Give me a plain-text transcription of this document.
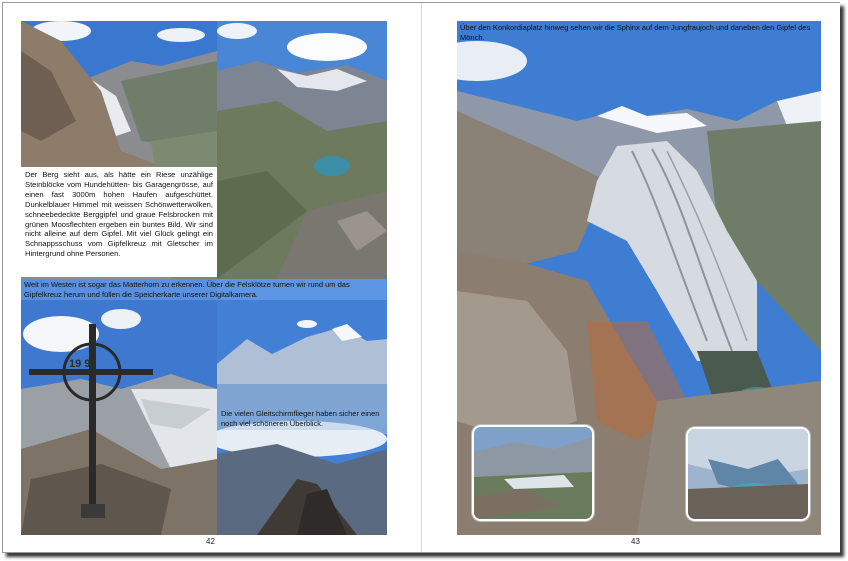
Der Berg sieht aus, als hätte ein Riese unzählige Steinblöcke vom Hundehütten- bis Garagengrösse, auf einen fast 3000m hohen Haufen aufgeschüttet. Dunkelblauer Himmel mit weissen Schönwetterwolken, schneebedeckte Berggipfel und graue Felsbrocken mit grünen Moosflechten ergeben ein buntes Bild. Wir sind nicht alleine auf dem Gipfel. Mit viel Glück gelingt ein Schnappsschuss vom Gipfelkreuz mit Gletscher im Hintergrund ohne Personen.
19 93
Weit im Westen ist sogar das Matterhorn zu erkennen. Über die Felsklötze turnen wir rund um das Gipfelkreuz herum und füllen die Speicherkarte unserer Digitalkamera.
Die vielen Gleitschirmflieger haben sicher einen noch viel schöneren Überblick.
42
Über den Konkordiaplatz hinweg sehen wir die Sphinx auf dem Jungfraujoch und daneben den Gipfel des Mönch.
43
